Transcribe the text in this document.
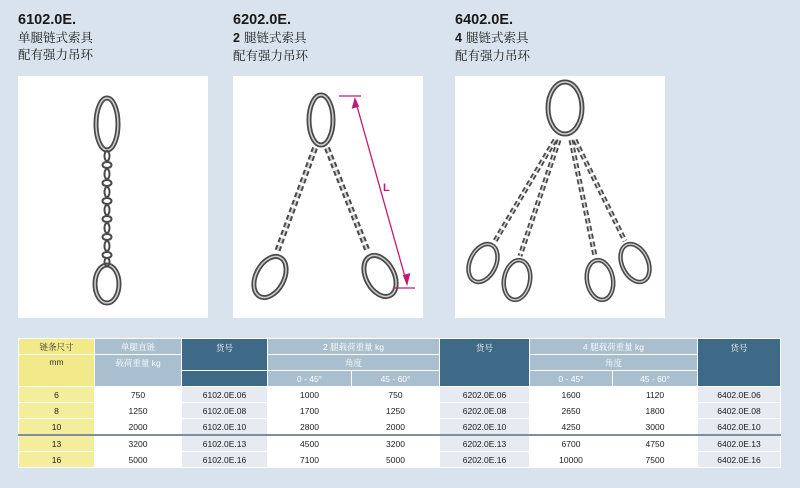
6102.0E.
单腿链式索具
配有强力吊环
6202.0E.
2 腿链式索具
配有强力吊环
6402.0E.
4 腿链式索具
配有强力吊环
L
链条尺寸	单腿直链	货号	2 腿载荷重量 kg		货号	4 腿载荷重量 kg		货号
mm	载荷重量 kg		角度			角度		
			0 - 45°	45 - 60°		0 - 45°	45 - 60°	
6	750	6102.0E.06	1000	750	6202.0E.06	1600	1120	6402.0E.06
8	1250	6102.0E.08	1700	1250	6202.0E.08	2650	1800	6402.0E.08
10	2000	6102.0E.10	2800	2000	6202.0E.10	4250	3000	6402.0E.10
13	3200	6102.0E.13	4500	3200	6202.0E.13	6700	4750	6402.0E.13
16	5000	6102.0E.16	7100	5000	6202.0E.16	10000	7500	6402.0E.16
